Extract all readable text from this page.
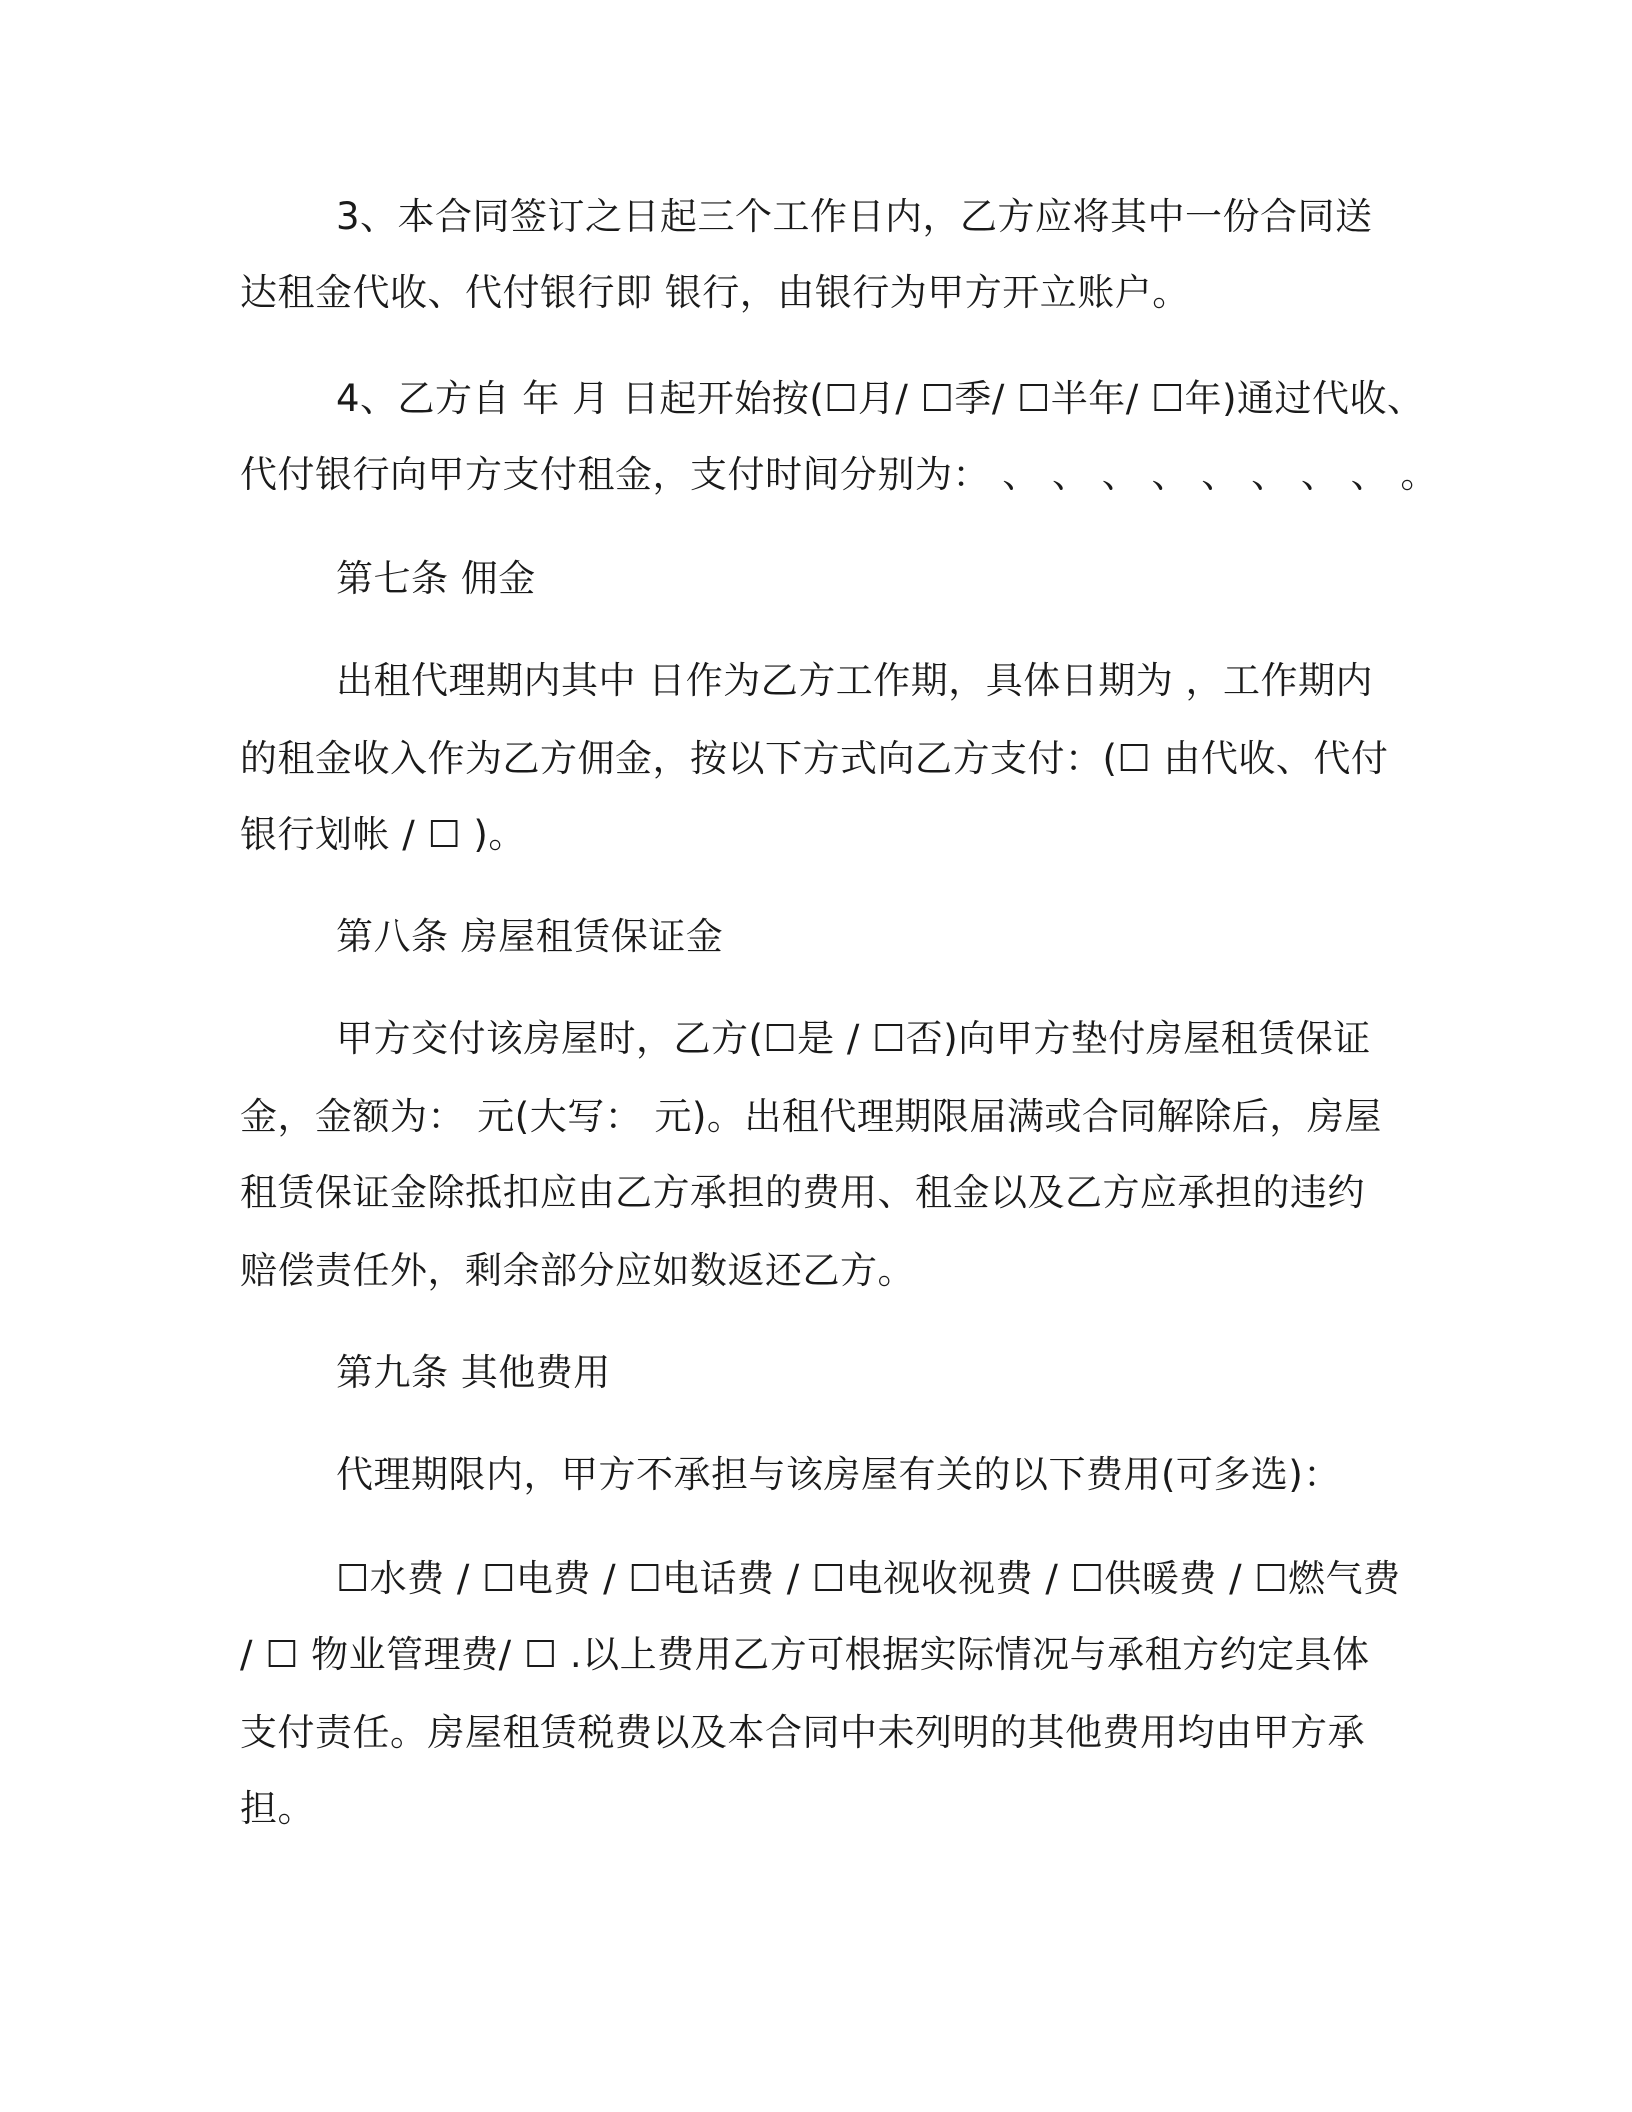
3、本合同签订之日起三个工作日内，乙方应将其中一份合同送
达租金代收、代付银行即 银行，由银行为甲方开立账户。
4、乙方自 年 月 日起开始按(☐月/ ☐季/ ☐半年/ ☐年)通过代收、
代付银行向甲方支付租金，支付时间分别为： 、 、 、 、 、 、 、 、 。
第七条 佣金
出租代理期内其中 日作为乙方工作期，具体日期为 ，工作期内
的租金收入作为乙方佣金，按以下方式向乙方支付：(☐ 由代收、代付
银行划帐 / ☐ )。
第八条 房屋租赁保证金
甲方交付该房屋时，乙方(☐是 / ☐否)向甲方垫付房屋租赁保证
金，金额为： 元(大写： 元)。出租代理期限届满或合同解除后，房屋
租赁保证金除抵扣应由乙方承担的费用、租金以及乙方应承担的违约
赔偿责任外，剩余部分应如数返还乙方。
第九条 其他费用
代理期限内，甲方不承担与该房屋有关的以下费用(可多选)：
☐水费 / ☐电费 / ☐电话费 / ☐电视收视费 / ☐供暖费 / ☐燃气费
/ ☐ 物业管理费/ ☐ .以上费用乙方可根据实际情况与承租方约定具体
支付责任。房屋租赁税费以及本合同中未列明的其他费用均由甲方承
担。
